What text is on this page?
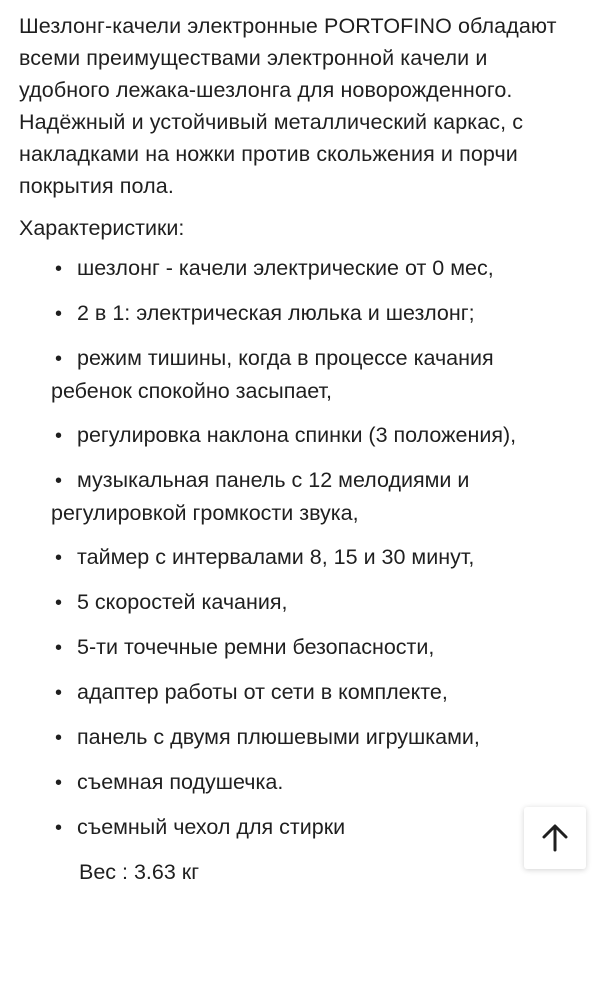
Шезлонг-качели электронные PORTOFINO обладают всеми преимуществами электронной качели и удобного лежака-шезлонга для новорожденного. Надёжный и устойчивый металлический каркас, с накладками на ножки против скольжения и порчи покрытия пола.

Характеристики:

• шезлонг - качели электрические от 0 мес,
• 2 в 1: электрическая люлька и шезлонг;
• режим тишины, когда в процессе качания ребенок спокойно засыпает,
• регулировка наклона спинки (3 положения),
• музыкальная панель с 12 мелодиями и регулировкой громкости звука,
• таймер с интервалами 8, 15 и 30 минут,
• 5 скоростей качания,
• 5-ти точечные ремни безопасности,
• адаптер работы от сети в комплекте,
• панель с двумя плюшевыми игрушками,
• съемная подушечка.
• съемный чехол для стирки

Вес : 3.63 кг
